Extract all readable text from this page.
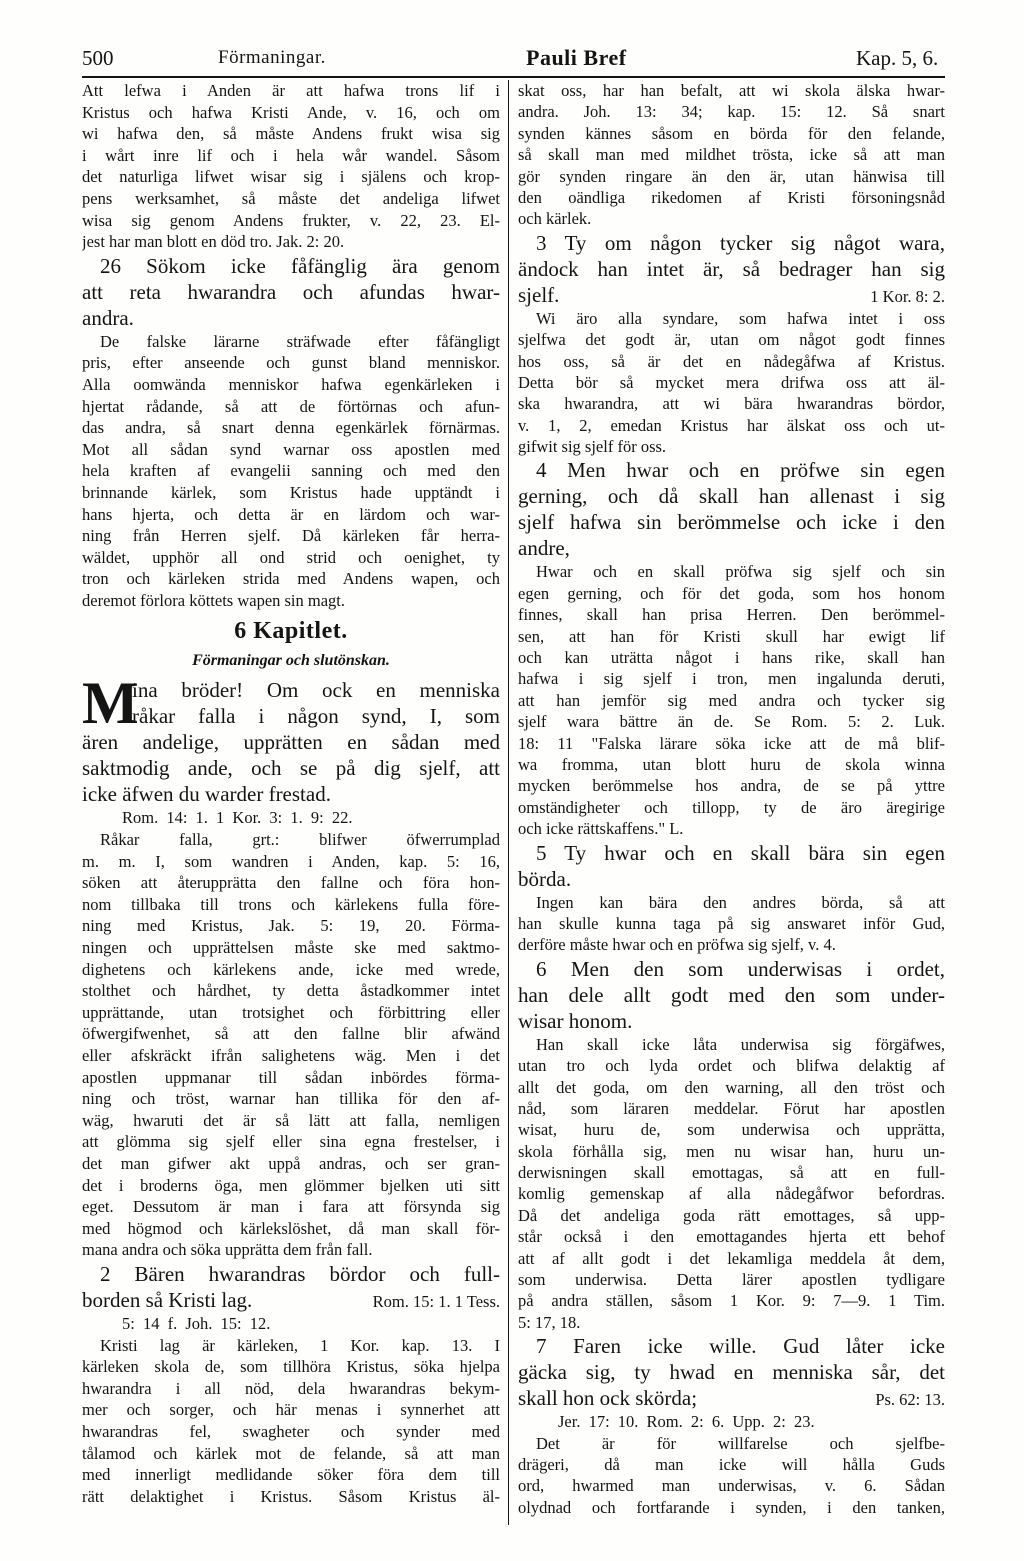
500	Förmaningar.	Pauli Bref	Kap. 5, 6.
Att lefwa i Anden är att hafwa trons lif i
Kristus och hafwa Kristi Ande, v. 16, och om
wi hafwa den, så måste Andens frukt wisa sig
i wårt inre lif och i hela wår wandel. Såsom
det naturliga lifwet wisar sig i själens och krop-
pens werksamhet, så måste det andeliga lifwet
wisa sig genom Andens frukter, v. 22, 23. El-
jest har man blott en död tro. Jak. 2: 20.
26 Sökom icke fåfänglig ära genom
att reta hwarandra och afundas hwar-
andra.
De falske lärarne sträfwade efter fåfängligt
pris, efter anseende och gunst bland menniskor.
Alla oomwända menniskor hafwa egenkärleken i
hjertat rådande, så att de förtörnas och afun-
das andra, så snart denna egenkärlek förnärmas.
Mot all sådan synd warnar oss apostlen med
hela kraften af evangelii sanning och med den
brinnande kärlek, som Kristus hade upptändt i
hans hjerta, och detta är en lärdom och war-
ning från Herren sjelf. Då kärleken får herra-
wäldet, upphör all ond strid och oenighet, ty
tron och kärleken strida med Andens wapen, och
deremot förlora köttets wapen sin magt.
6 Kapitlet.
Förmaningar och slutönskan.
M
ina bröder! Om ock en menniska
råkar falla i någon synd, I, som
ären andelige, upprätten en sådan med
saktmodig ande, och se på dig sjelf, att
icke äfwen du warder frestad.
Rom. 14: 1. 1 Kor. 3: 1. 9: 22.
Råkar falla, grt.: blifwer öfwerrumplad
m. m. I, som wandren i Anden, kap. 5: 16,
söken att återupprätta den fallne och föra hon-
nom tillbaka till trons och kärlekens fulla före-
ning med Kristus, Jak. 5: 19, 20. Förma-
ningen och upprättelsen måste ske med saktmo-
dighetens och kärlekens ande, icke med wrede,
stolthet och hårdhet, ty detta åstadkommer intet
upprättande, utan trotsighet och förbittring eller
öfwergifwenhet, så att den fallne blir afwänd
eller afskräckt ifrån salighetens wäg. Men i det
apostlen uppmanar till sådan inbördes förma-
ning och tröst, warnar han tillika för den af-
wäg, hwaruti det är så lätt att falla, nemligen
att glömma sig sjelf eller sina egna frestelser, i
det man gifwer akt uppå andras, och ser gran-
det i broderns öga, men glömmer bjelken uti sitt
eget. Dessutom är man i fara att försynda sig
med högmod och kärlekslöshet, då man skall för-
mana andra och söka upprätta dem från fall.
2 Bären hwarandras bördor och full-
borden så Kristi lag.	Rom. 15: 1. 1 Tess.
5: 14 f. Joh. 15: 12.
Kristi lag är kärleken, 1 Kor. kap. 13. I
kärleken skola de, som tillhöra Kristus, söka hjelpa
hwarandra i all nöd, dela hwarandras bekym-
mer och sorger, och här menas i synnerhet att
hwarandras fel, swagheter och synder med
tålamod och kärlek mot de felande, så att man
med innerligt medlidande söker föra dem till
rätt delaktighet i Kristus. Såsom Kristus äl-
skat oss, har han befalt, att wi skola älska hwar-
andra. Joh. 13: 34; kap. 15: 12. Så snart
synden kännes såsom en börda för den felande,
så skall man med mildhet trösta, icke så att man
gör synden ringare än den är, utan hänwisa till
den oändliga rikedomen af Kristi försoningsnåd
och kärlek.
3 Ty om någon tycker sig något wara,
ändock han intet är, så bedrager han sig
sjelf.	1 Kor. 8: 2.
Wi äro alla syndare, som hafwa intet i oss
sjelfwa det godt är, utan om något godt finnes
hos oss, så är det en nådegåfwa af Kristus.
Detta bör så mycket mera drifwa oss att äl-
ska hwarandra, att wi bära hwarandras bördor,
v. 1, 2, emedan Kristus har älskat oss och ut-
gifwit sig sjelf för oss.
4 Men hwar och en pröfwe sin egen
gerning, och då skall han allenast i sig
sjelf hafwa sin berömmelse och icke i den
andre,
Hwar och en skall pröfwa sig sjelf och sin
egen gerning, och för det goda, som hos honom
finnes, skall han prisa Herren. Den berömmel-
sen, att han för Kristi skull har ewigt lif
och kan uträtta något i hans rike, skall han
hafwa i sig sjelf i tron, men ingalunda deruti,
att han jemför sig med andra och tycker sig
sjelf wara bättre än de. Se Rom. 5: 2. Luk.
18: 11 "Falska lärare söka icke att de må blif-
wa fromma, utan blott huru de skola winna
mycken berömmelse hos andra, de se på yttre
omständigheter och tillopp, ty de äro äregirige
och icke rättskaffens." L.
5 Ty hwar och en skall bära sin egen
börda.
Ingen kan bära den andres börda, så att
han skulle kunna taga på sig answaret inför Gud,
derföre måste hwar och en pröfwa sig sjelf, v. 4.
6 Men den som underwisas i ordet,
han dele allt godt med den som under-
wisar honom.
Han skall icke låta underwisa sig förgäfwes,
utan tro och lyda ordet och blifwa delaktig af
allt det goda, om den warning, all den tröst och
nåd, som läraren meddelar. Förut har apostlen
wisat, huru de, som underwisa och upprätta,
skola förhålla sig, men nu wisar han, huru un-
derwisningen skall emottagas, så att en full-
komlig gemenskap af alla nådegåfwor befordras.
Då det andeliga goda rätt emottages, så upp-
står också i den emottagandes hjerta ett behof
att af allt godt i det lekamliga meddela åt dem,
som underwisa. Detta lärer apostlen tydligare
på andra ställen, såsom 1 Kor. 9: 7—9. 1 Tim.
5: 17, 18.
7 Faren icke wille. Gud låter icke
gäcka sig, ty hwad en menniska sår, det
skall hon ock skörda;	Ps. 62: 13.
Jer. 17: 10. Rom. 2: 6. Upp. 2: 23.
Det är för willfarelse och sjelfbe-
drägeri, då man icke will hålla Guds
ord, hwarmed man underwisas, v. 6. Sådan
olydnad och fortfarande i synden, i den tanken,
